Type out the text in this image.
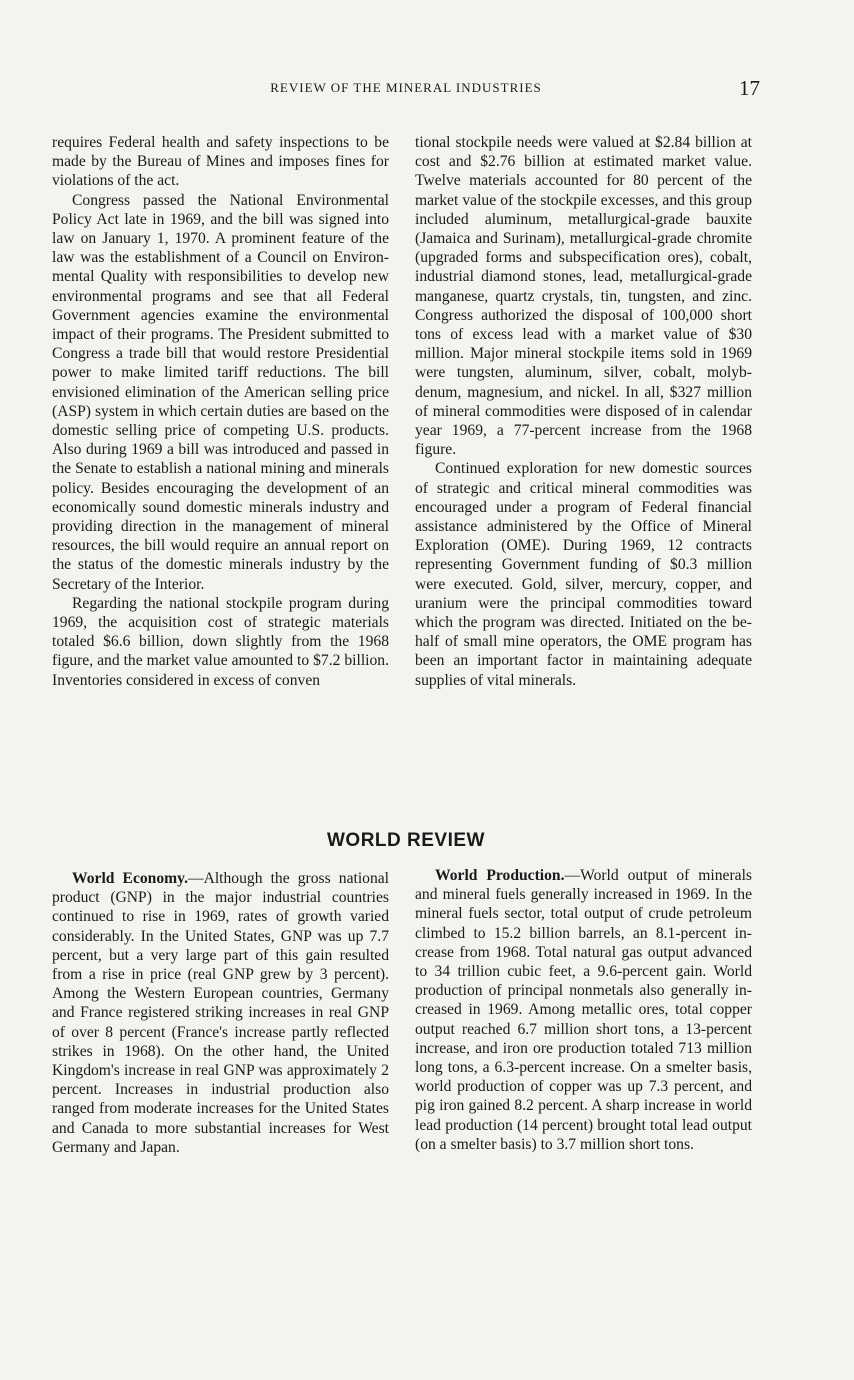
REVIEW OF THE MINERAL INDUSTRIES	17

requires Federal health and safety inspections to be made by the Bureau of Mines and imposes fines for violations of the act.

Congress passed the National Environmental Policy Act late in 1969, and the bill was signed into law on January 1, 1970. A prominent feature of the law was the establishment of a Council on Environmental Quality with responsibilities to develop new environmental programs and see that all Federal Government agencies examine the environmental impact of their programs. The President submitted to Congress a trade bill that would restore Presidential power to make limited tariff reductions. The bill envisioned elimination of the American selling price (ASP) system in which certain duties are based on the domestic selling price of competing U.S. products. Also during 1969 a bill was introduced and passed in the Senate to establish a national mining and minerals policy. Besides encouraging the development of an economically sound domestic minerals industry and providing direction in the management of mineral resources, the bill would require an annual report on the status of the domestic minerals industry by the Secretary of the Interior.

Regarding the national stockpile program during 1969, the acquisition cost of strategic materials totaled $6.6 billion, down slightly from the 1968 figure, and the market value amounted to $7.2 billion. Inventories considered in excess of conven

tional stockpile needs were valued at $2.84 billion at cost and $2.76 billion at estimated market value. Twelve materials accounted for 80 percent of the market value of the stockpile excesses, and this group included aluminum, metallurgical-grade bauxite (Jamaica and Surinam), metallurgical-grade chromite (upgraded forms and subspecification ores), cobalt, industrial diamond stones, lead, metallurgical-grade manganese, quartz crystals, tin, tungsten, and zinc. Congress authorized the disposal of 100,000 short tons of excess lead with a market value of $30 million. Major mineral stockpile items sold in 1969 were tungsten, aluminum, silver, cobalt, molybdenum, magnesium, and nickel. In all, $327 million of mineral commodities were disposed of in calendar year 1969, a 77-percent increase from the 1968 figure.

Continued exploration for new domestic sources of strategic and critical mineral commodities was encouraged under a program of Federal financial assistance administered by the Office of Mineral Exploration (OME). During 1969, 12 contracts representing Government funding of $0.3 million were executed. Gold, silver, mercury, copper, and uranium were the principal commodities toward which the program was directed. Initiated on the behalf of small mine operators, the OME program has been an important factor in maintaining adequate supplies of vital minerals.

WORLD REVIEW

World Economy.—Although the gross national product (GNP) in the major industrial countries continued to rise in 1969, rates of growth varied considerably. In the United States, GNP was up 7.7 percent, but a very large part of this gain resulted from a rise in price (real GNP grew by 3 percent). Among the Western European countries, Germany and France registered striking increases in real GNP of over 8 percent (France's increase partly reflected strikes in 1968). On the other hand, the United Kingdom's increase in real GNP was approximately 2 percent. Increases in industrial production also ranged from moderate increases for the United States and Canada to more substantial increases for West Germany and Japan.

World Production.—World output of minerals and mineral fuels generally increased in 1969. In the mineral fuels sector, total output of crude petroleum climbed to 15.2 billion barrels, an 8.1-percent increase from 1968. Total natural gas output advanced to 34 trillion cubic feet, a 9.6-percent gain. World production of principal nonmetals also generally increased in 1969. Among metallic ores, total copper output reached 6.7 million short tons, a 13-percent increase, and iron ore production totaled 713 million long tons, a 6.3-percent increase. On a smelter basis, world production of copper was up 7.3 percent, and pig iron gained 8.2 percent. A sharp increase in world lead production (14 percent) brought total lead output (on a smelter basis) to 3.7 million short tons.
